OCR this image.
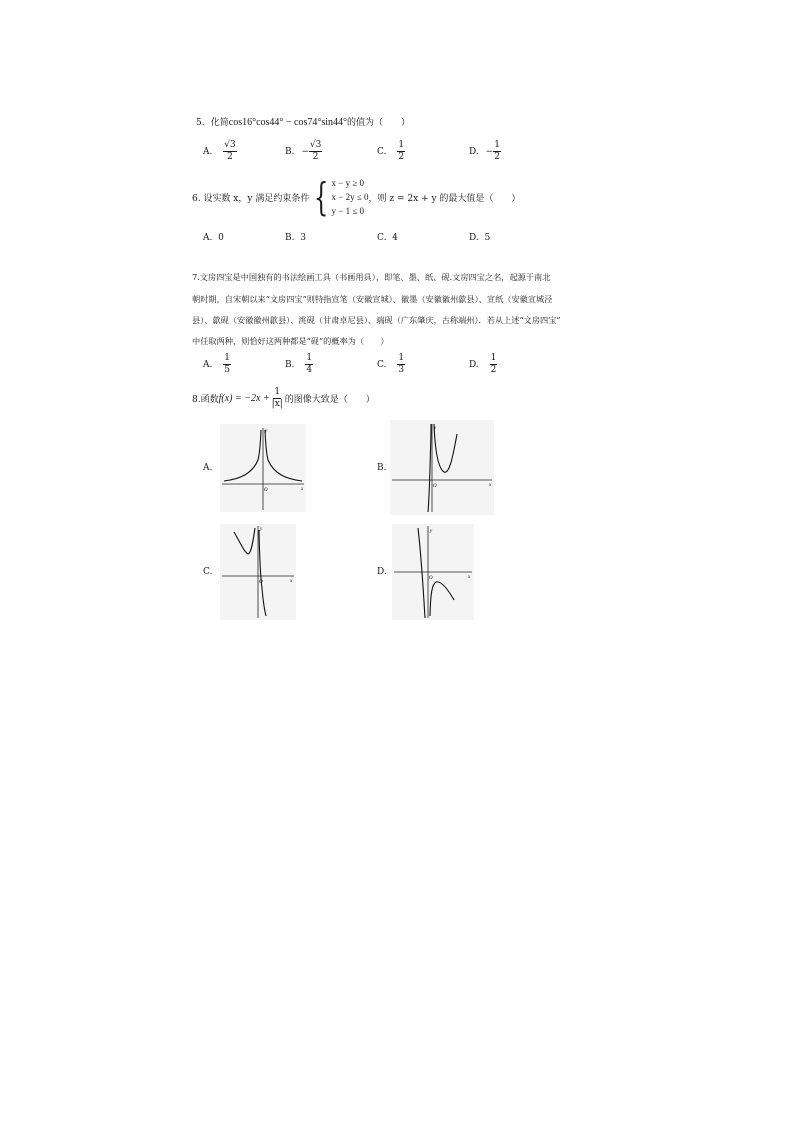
5．化简cos16°cos44° − cos74°sin44°的值为（　　）
A. $\frac{√3}{2}$	B. − $\frac{√3}{2}$	C. $\frac{1}{2}$	D. − $\frac{1}{2}$
6. 设实数 x，y 满足约束条件 { x − y ≥ 0
x − 2y ≤ 0
y − 1 ≤ 0
，则 z = 2x + y 的最大值是（　　）
A. 0	B. 3	C. 4	D. 5
7.文房四宝是中国独有的书法绘画工具（书画用具），即笔、墨、纸、砚.文房四宝之名，起源于南北
朝时期，自宋朝以来“文房四宝”则特指宣笔（安徽宣城）、徽墨（安徽徽州歙县）、宣纸（安徽宣城泾
县）、歙砚（安徽徽州歙县）、洮砚（甘肃卓尼县）、端砚（广东肇庆，古称端州）．若从上述“文房四宝”
中任取两种，则恰好这两种都是“砚”的概率为（　　）
A. $\frac{1}{5}$	B. $\frac{1}{4}$	C. $\frac{1}{3}$	D. $\frac{1}{2}$
8.函数 $f(x) = -2x + \frac{1}{|x|}$ 的图像大致是（　　）
A.
y
x
O
B.
y
x
O
C.
y
x
O
D.
y
x
O
